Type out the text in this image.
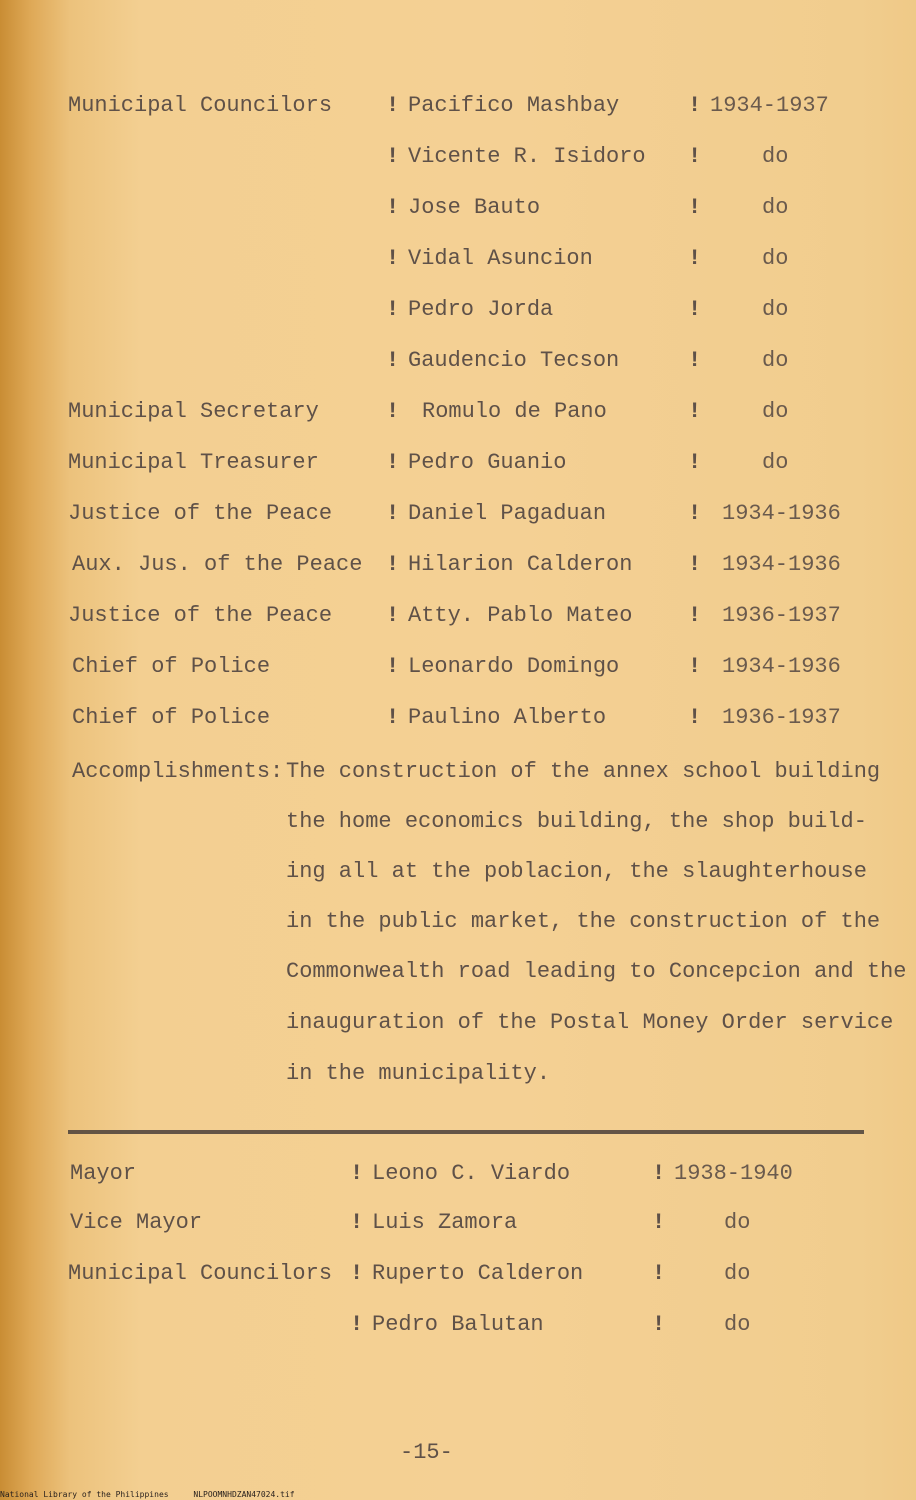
Municipal Councilors ! Pacifico Mashbay	! 1934-1937
! Vicente R. Isidoro !	do
! Jose Bauto	!	do
! Vidal Asuncion	!	do
! Pedro Jorda	!	do
! Gaudencio Tecson	!	do
Municipal Secretary	! Romulo de Pano	!	do
Municipal Treasurer	! Pedro Guanio	!	do
Justice of the Peace ! Daniel Pagaduan	! 1934-1936
Aux. Jus. of the Peace ! Hilarion Calderon	! 1934-1936
Justice of the Peace ! Atty. Pablo Mateo	! 1936-1937
Chief of Police	! Leonardo Domingo	! 1934-1936
Chief of Police	! Paulino Alberto	! 1936-1937
Accomplishments: The construction of the annex school building
the home economics building, the shop build-
ing all at the poblacion, the slaughterhouse
in the public market, the construction of the
Commonwealth road leading to Concepcion and the
inauguration of the Postal Money Order service
in the municipality.
Mayor	! Leono C. Viardo	! 1938-1940
Vice Mayor	! Luis Zamora	!	do
Municipal Councilors ! Ruperto Calderon	!	do
! Pedro Balutan	!	do
-15-
National Library of the Philippines	NLPOOMNHDZAN47024.tif
